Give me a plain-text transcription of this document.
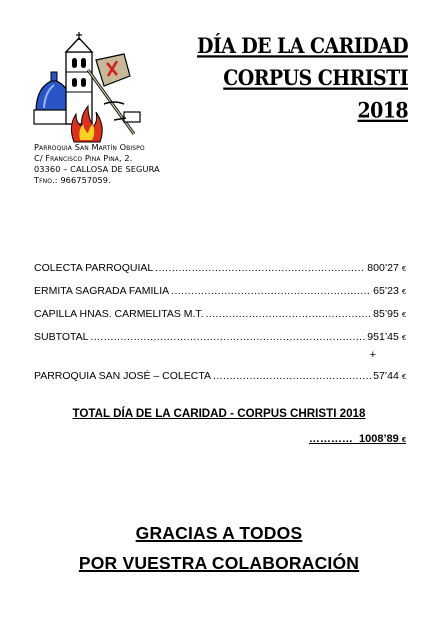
Parroquia San Martín Obispo
C/ Francisco Pina Pina, 2.
03360 – CALLOSA DE SEGURA
Tfno.: 966757059.
DÍA DE LA CARIDAD
CORPUS CHRISTI
2018
COLECTA PARROQUIAL .....	800’27 €
ERMITA SAGRADA FAMILIA .....	65’23 €
CAPILLA HNAS. CARMELITAS M.T. .....	85’95 €
SUBTOTAL .....	951’45 €
+
PARROQUIA SAN JOSÉ – COLECTA .....	57’44 €
TOTAL DÍA DE LA CARIDAD - CORPUS CHRISTI 2018
………… 1008’89 €
GRACIAS A TODOS
POR VUESTRA COLABORACIÓN
